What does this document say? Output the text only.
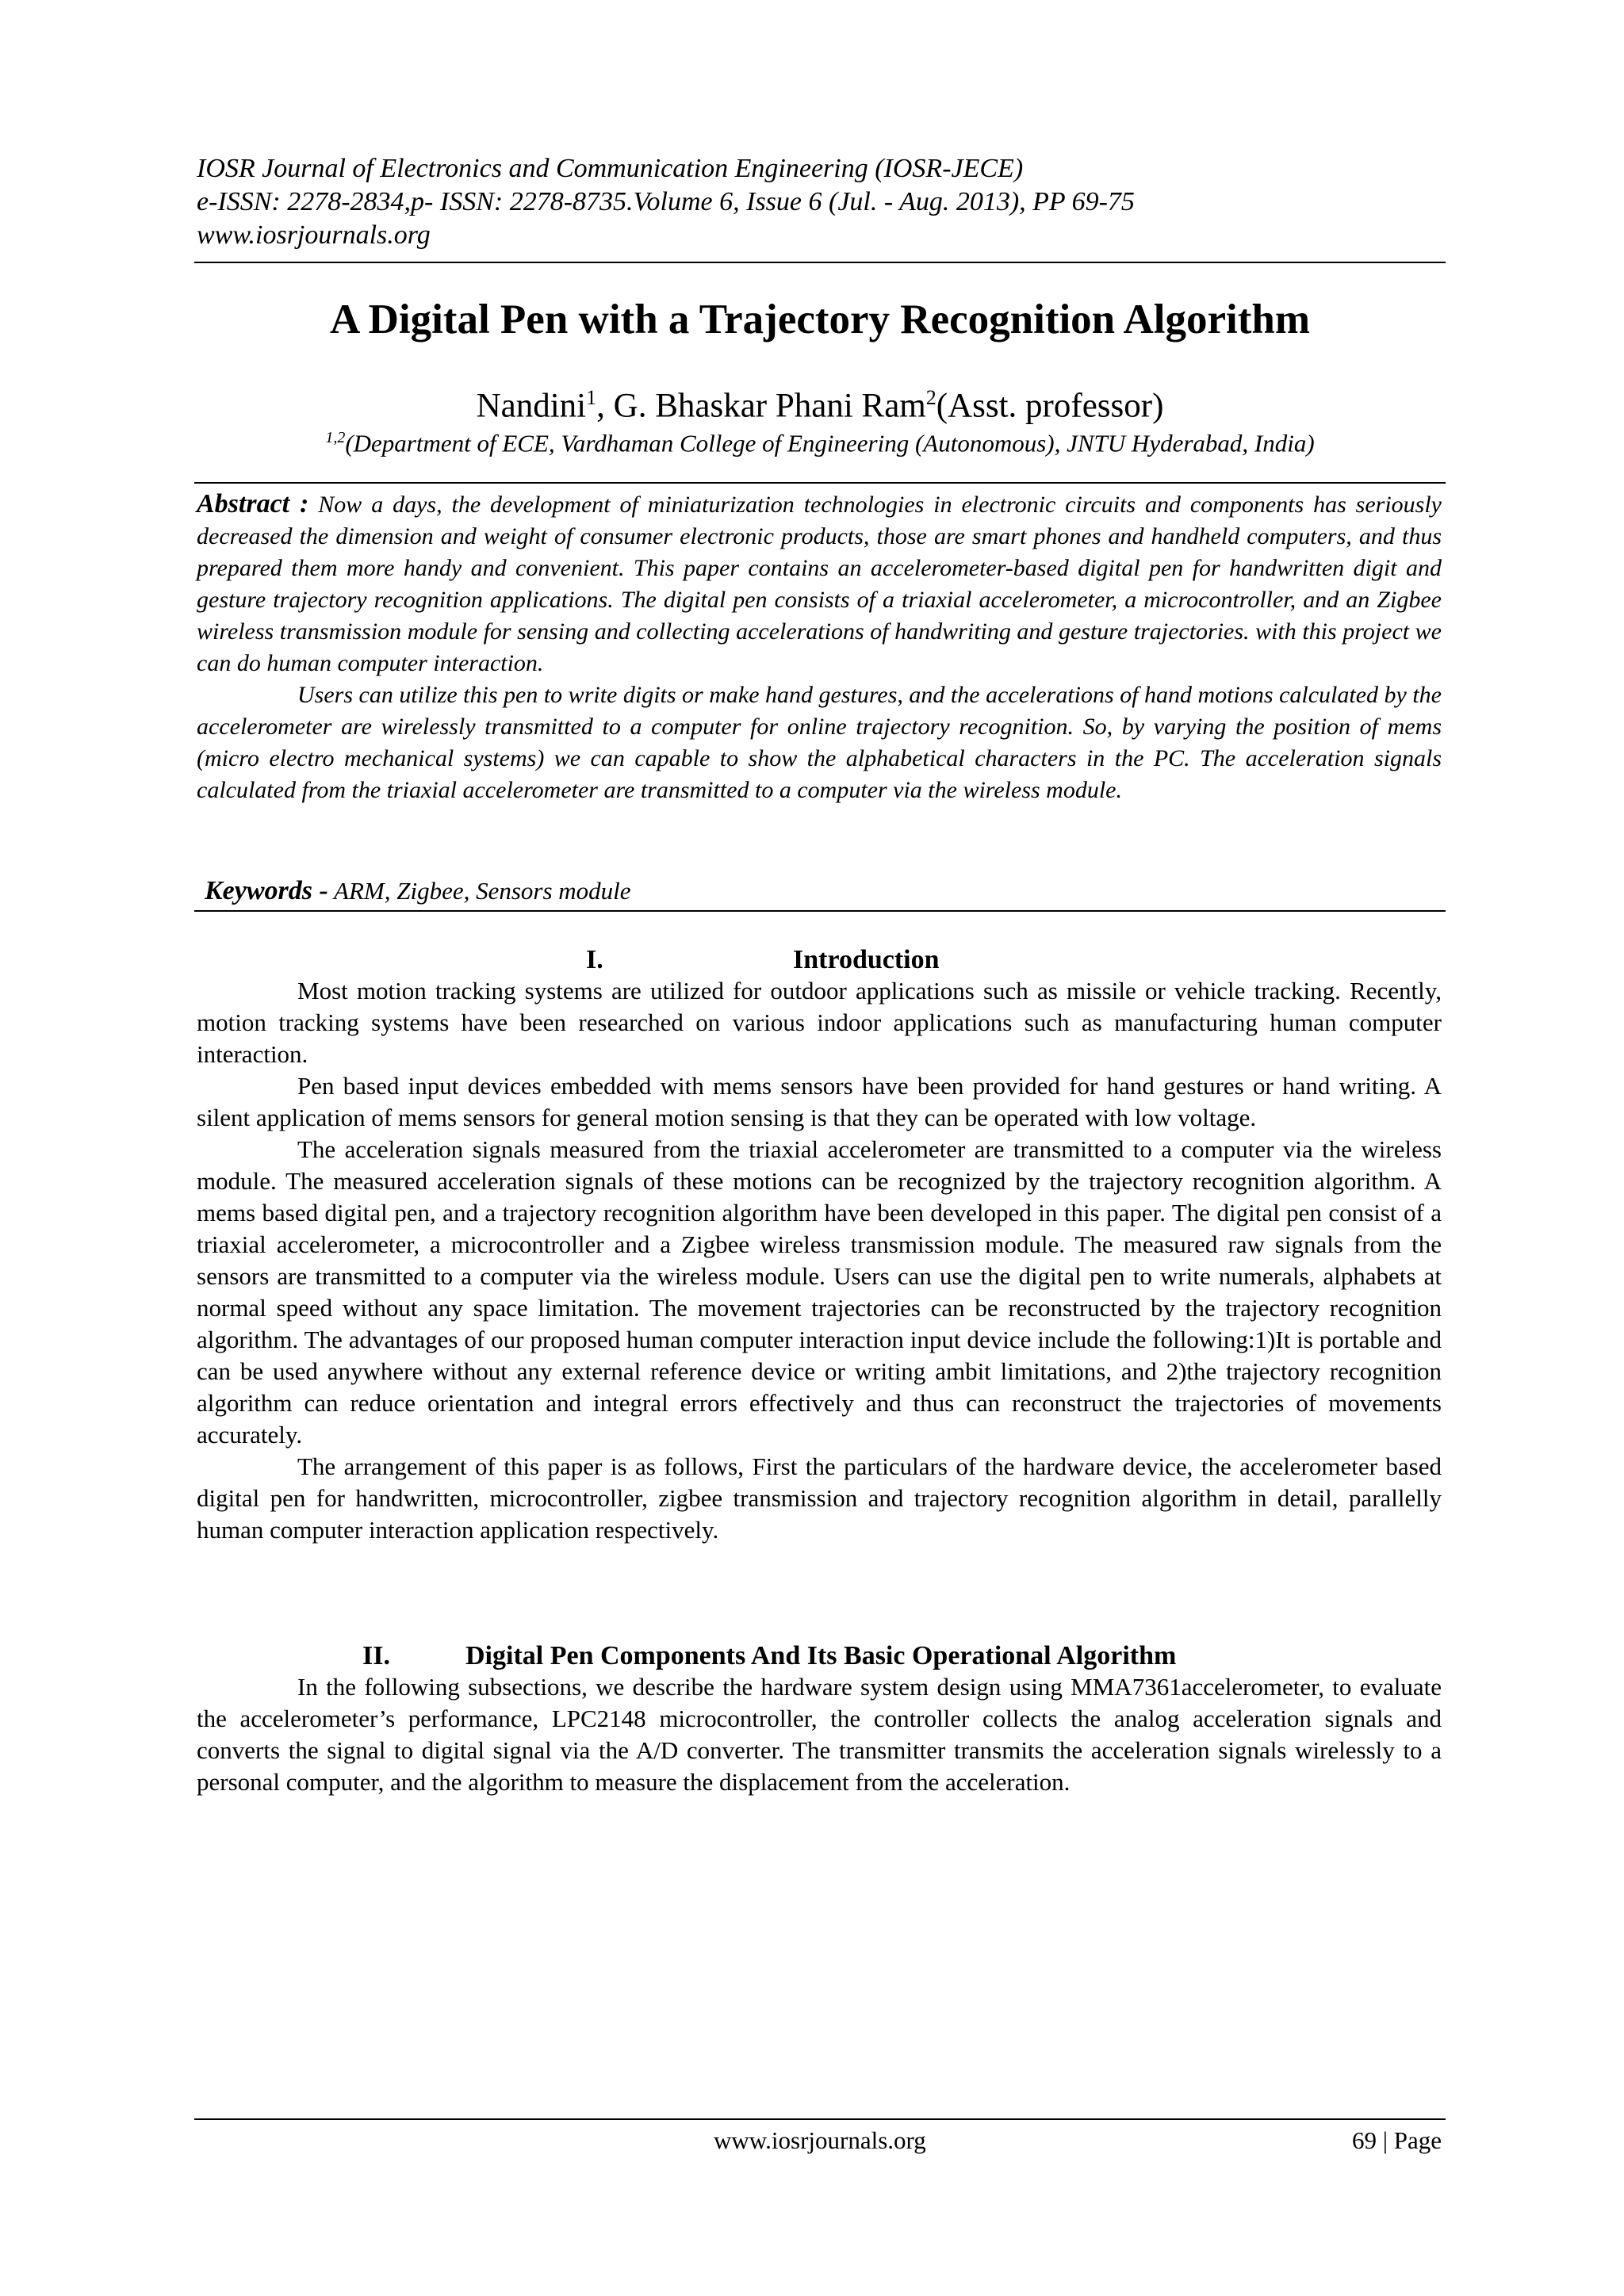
IOSR Journal of Electronics and Communication Engineering (IOSR-JECE)
e-ISSN: 2278-2834,p- ISSN: 2278-8735.Volume 6, Issue 6 (Jul. - Aug. 2013), PP 69-75
www.iosrjournals.org
A Digital Pen with a Trajectory Recognition Algorithm
Nandini$^1$, G. Bhaskar Phani Ram$^2$(Asst. professor)
$^{1,2}$(Department of ECE, Vardhaman College of Engineering (Autonomous), JNTU Hyderabad, India)

Abstract : Now a days, the development of miniaturization technologies in electronic circuits and components has seriously decreased the dimension and weight of consumer electronic products, those are smart phones and handheld computers, and thus prepared them more handy and convenient. This paper contains an accelerometer-based digital pen for handwritten digit and gesture trajectory recognition applications. The digital pen consists of a triaxial accelerometer, a microcontroller, and an Zigbee wireless transmission module for sensing and collecting accelerations of handwriting and gesture trajectories. with this project we can do human computer interaction.

Users can utilize this pen to write digits or make hand gestures, and the accelerations of hand motions calculated by the accelerometer are wirelessly transmitted to a computer for online trajectory recognition. So, by varying the position of mems (micro electro mechanical systems) we can capable to show the alphabetical characters in the PC. The acceleration signals calculated from the triaxial accelerometer are transmitted to a computer via the wireless module.

Keywords - ARM, Zigbee, Sensors module
I.	Introduction

Most motion tracking systems are utilized for outdoor applications such as missile or vehicle tracking. Recently, motion tracking systems have been researched on various indoor applications such as manufacturing human computer interaction.

Pen based input devices embedded with mems sensors have been provided for hand gestures or hand writing. A silent application of mems sensors for general motion sensing is that they can be operated with low voltage.

The acceleration signals measured from the triaxial accelerometer are transmitted to a computer via the wireless module. The measured acceleration signals of these motions can be recognized by the trajectory recognition algorithm. A mems based digital pen, and a trajectory recognition algorithm have been developed in this paper. The digital pen consist of a triaxial accelerometer, a microcontroller and a Zigbee wireless transmission module. The measured raw signals from the sensors are transmitted to a computer via the wireless module. Users can use the digital pen to write numerals, alphabets at normal speed without any space limitation. The movement trajectories can be reconstructed by the trajectory recognition algorithm. The advantages of our proposed human computer interaction input device include the following:1)It is portable and can be used anywhere without any external reference device or writing ambit limitations, and 2)the trajectory recognition algorithm can reduce orientation and integral errors effectively and thus can reconstruct the trajectories of movements accurately.

The arrangement of this paper is as follows, First the particulars of the hardware device, the accelerometer based digital pen for handwritten, microcontroller, zigbee transmission and trajectory recognition algorithm in detail, parallelly human computer interaction application respectively.

II.	Digital Pen Components And Its Basic Operational Algorithm

In the following subsections, we describe the hardware system design using MMA7361accelerometer, to evaluate the accelerometer’s performance, LPC2148 microcontroller, the controller collects the analog acceleration signals and converts the signal to digital signal via the A/D converter. The transmitter transmits the acceleration signals wirelessly to a personal computer, and the algorithm to measure the displacement from the acceleration.

www.iosrjournals.org	69 | Page
